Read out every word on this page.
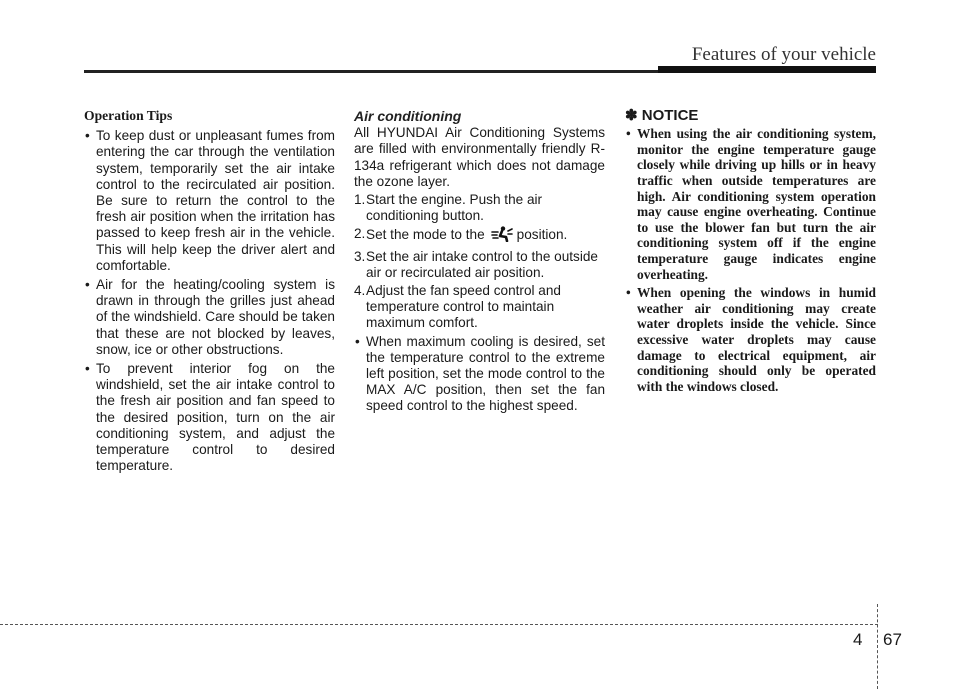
Features of your vehicle
Operation Tips
• To keep dust or unpleasant fumes from entering the car through the ventilation system, temporarily set the air intake control to the recirculated air position. Be sure to return the control to the fresh air position when the irritation has passed to keep fresh air in the vehicle. This will help keep the driver alert and comfortable.
• Air for the heating/cooling system is drawn in through the grilles just ahead of the windshield. Care should be taken that these are not blocked by leaves, snow, ice or other obstructions.
• To prevent interior fog on the windshield, set the air intake control to the fresh air position and fan speed to the desired position, turn on the air conditioning system, and adjust the temperature control to desired temperature.
Air conditioning

All HYUNDAI Air Conditioning Systems are filled with environmentally friendly R-134a refrigerant which does not damage the ozone layer.

1. Start the engine. Push the air conditioning button.
2. Set the mode to the position.
3. Set the air intake control to the outside air or recirculated air position.
4. Adjust the fan speed control and temperature control to maintain maximum comfort.
• When maximum cooling is desired, set the temperature control to the extreme left position, set the mode control to the MAX A/C position, then set the fan speed control to the highest speed.
✽ NOTICE
• When using the air conditioning system, monitor the engine temperature gauge closely while driving up hills or in heavy traffic when outside temperatures are high. Air conditioning system operation may cause engine overheating. Continue to use the blower fan but turn the air conditioning system off if the engine temperature gauge indicates engine overheating.
• When opening the windows in humid weather air conditioning may create water droplets inside the vehicle. Since excessive water droplets may cause damage to electrical equipment, air conditioning should only be operated with the windows closed.
4 67
